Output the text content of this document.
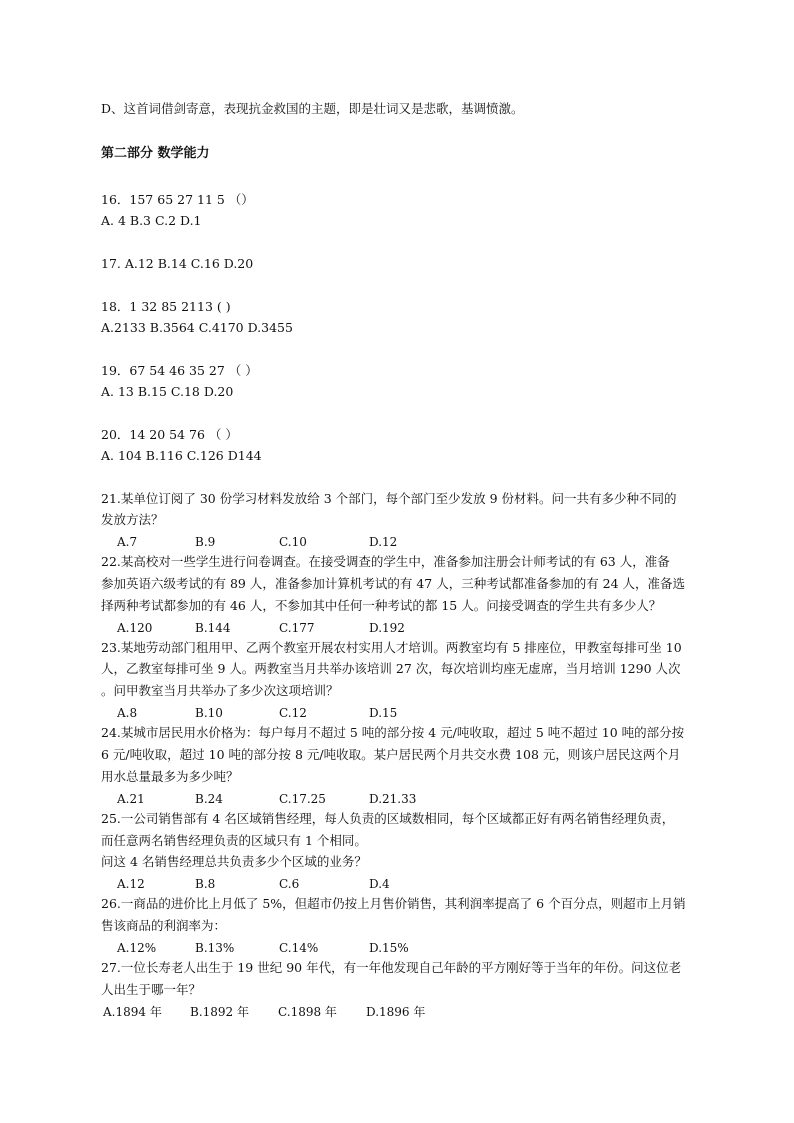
D、这首词借剑寄意，表现抗金救国的主题，即是壮词又是悲歌，基调愤激。
第二部分 数学能力
16．157 65 27 11 5 （）
A. 4 B.3 C.2 D.1
17. A.12 B.14 C.16 D.20
18．1 32 85 2113 ( )
A.2133 B.3564 C.4170 D.3455
19．67 54 46 35 27 （ ）
A. 13 B.15 C.18 D.20
20．14 20 54 76 （ ）
A. 104 B.116 C.126 D144
21.某单位订阅了 30 份学习材料发放给 3 个部门，每个部门至少发放 9 份材料。问一共有多少种不同的
发放方法？
A.7	B.9	C.10	D.12
22.某高校对一些学生进行问卷调查。在接受调查的学生中，准备参加注册会计师考试的有 63 人，准备
参加英语六级考试的有 89 人，准备参加计算机考试的有 47 人，三种考试都准备参加的有 24 人，准备选
择两种考试都参加的有 46 人，不参加其中任何一种考试的都 15 人。问接受调查的学生共有多少人？
A.120	B.144	C.177	D.192
23.某地劳动部门租用甲、乙两个教室开展农村实用人才培训。两教室均有 5 排座位，甲教室每排可坐 10
人，乙教室每排可坐 9 人。两教室当月共举办该培训 27 次，每次培训均座无虚席，当月培训 1290 人次
。问甲教室当月共举办了多少次这项培训？
A.8	B.10	C.12	D.15
24.某城市居民用水价格为：每户每月不超过 5 吨的部分按 4 元/吨收取，超过 5 吨不超过 10 吨的部分按
6 元/吨收取，超过 10 吨的部分按 8 元/吨收取。某户居民两个月共交水费 108 元，则该户居民这两个月
用水总量最多为多少吨？
A.21	B.24	C.17.25	D.21.33
25.一公司销售部有 4 名区域销售经理，每人负责的区域数相同，每个区域都正好有两名销售经理负责，
而任意两名销售经理负责的区域只有 1 个相同。
问这 4 名销售经理总共负责多少个区域的业务？
A.12	B.8	C.6	D.4
26.一商品的进价比上月低了 5%，但超市仍按上月售价销售，其利润率提高了 6 个百分点，则超市上月销
售该商品的利润率为：
A.12%	B.13%	C.14%	D.15%
27.一位长寿老人出生于 19 世纪 90 年代，有一年他发现自己年龄的平方刚好等于当年的年份。问这位老
人出生于哪一年？
A.1894 年 B.1892 年 C.1898 年 D.1896 年
